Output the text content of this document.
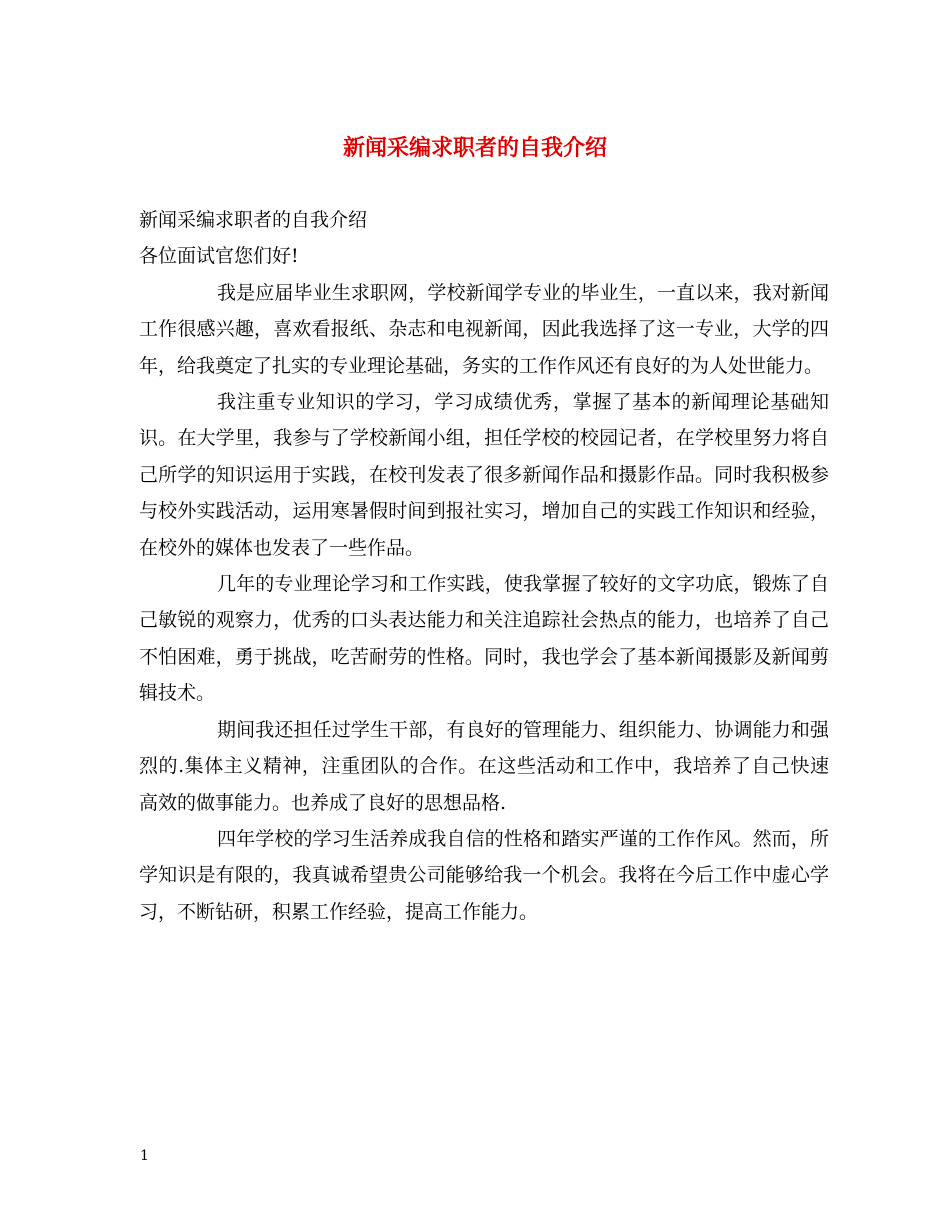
新闻采编求职者的自我介绍

新闻采编求职者的自我介绍

各位面试官您们好!

我是应届毕业生求职网，学校新闻学专业的毕业生，一直以来，我对新闻工作很感兴趣，喜欢看报纸、杂志和电视新闻，因此我选择了这一专业，大学的四年，给我奠定了扎实的专业理论基础，务实的工作作风还有良好的为人处世能力。

我注重专业知识的学习，学习成绩优秀，掌握了基本的新闻理论基础知识。在大学里，我参与了学校新闻小组，担任学校的校园记者，在学校里努力将自己所学的知识运用于实践，在校刊发表了很多新闻作品和摄影作品。同时我积极参与校外实践活动，运用寒暑假时间到报社实习，增加自己的实践工作知识和经验，在校外的媒体也发表了一些作品。

几年的专业理论学习和工作实践，使我掌握了较好的文字功底，锻炼了自己敏锐的观察力，优秀的口头表达能力和关注追踪社会热点的能力，也培养了自己不怕困难，勇于挑战，吃苦耐劳的性格。同时，我也学会了基本新闻摄影及新闻剪辑技术。

期间我还担任过学生干部，有良好的管理能力、组织能力、协调能力和强烈的.集体主义精神，注重团队的合作。在这些活动和工作中，我培养了自己快速高效的做事能力。也养成了良好的思想品格.

四年学校的学习生活养成我自信的性格和踏实严谨的工作作风。然而，所学知识是有限的，我真诚希望贵公司能够给我一个机会。我将在今后工作中虚心学习，不断钻研，积累工作经验，提高工作能力。

1
